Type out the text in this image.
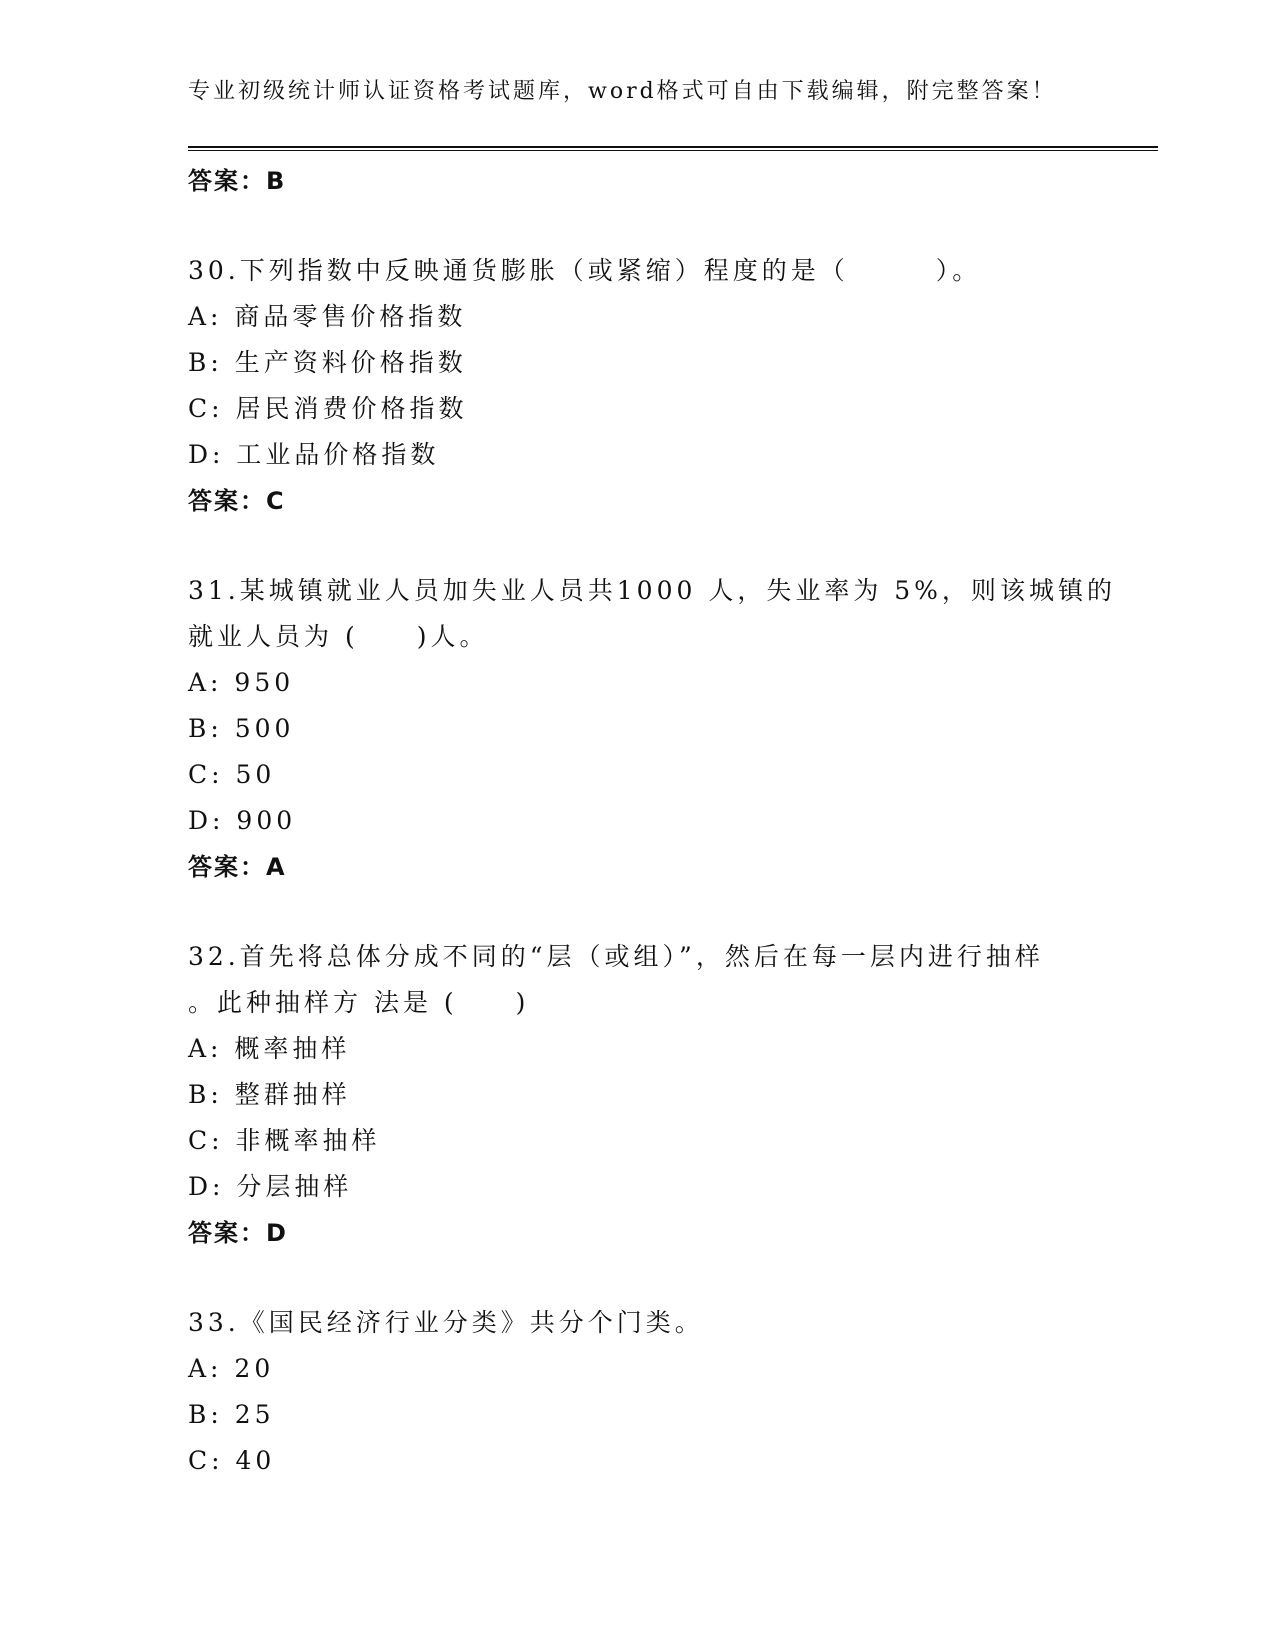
专业初级统计师认证资格考试题库，word格式可自由下载编辑，附完整答案！
答案：B
30.下列指数中反映通货膨胀（或紧缩）程度的是（　　　）。
A: 商品零售价格指数
B: 生产资料价格指数
C: 居民消费价格指数
D: 工业品价格指数
答案：C
31.某城镇就业人员加失业人员共1000 人，失业率为 5%，则该城镇的
就业人员为 (　　)人。
A: 950
B: 500
C: 50
D: 900
答案：A
32.首先将总体分成不同的“层（或组）”，然后在每一层内进行抽样
。此种抽样方 法是 (　　)
A: 概率抽样
B: 整群抽样
C: 非概率抽样
D: 分层抽样
答案：D
33.《国民经济行业分类》共分个门类。
A: 20
B: 25
C: 40
